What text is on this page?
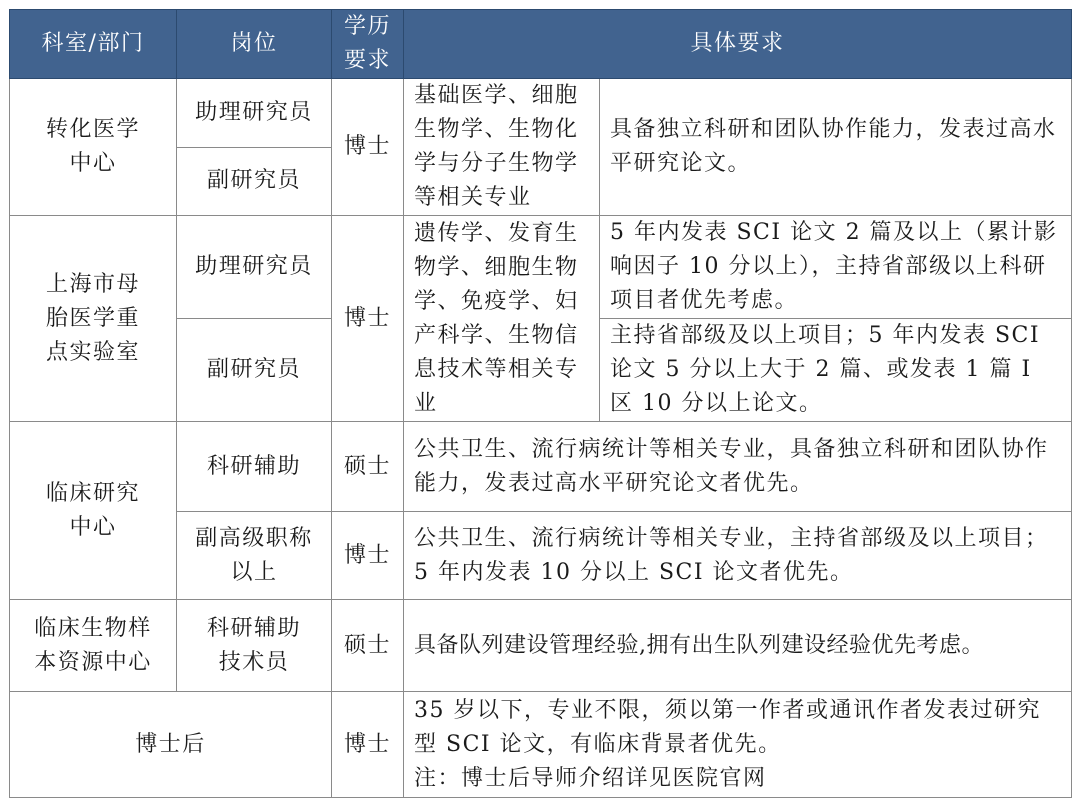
科室/部门	岗位	学历要求	具体要求	
转化医学中心	助理研究员	博士	基础医学、细胞生物学、生物化学与分子生物学等相关专业	具备独立科研和团队协作能力，发表过高水平研究论文。
	副研究员			
上海市母胎医学重点实验室	助理研究员	博士	遗传学、发育生物学、细胞生物学、免疫学、妇产科学、生物信息技术等相关专业	5 年内发表 SCI 论文 2 篇及以上（累计影响因子 10 分以上），主持省部级以上科研项目者优先考虑。
	副研究员			主持省部级及以上项目；5 年内发表 SCI 论文 5 分以上大于 2 篇、或发表 1 篇 I 区 10 分以上论文。
临床研究中心	科研辅助	硕士	公共卫生、流行病统计等相关专业，具备独立科研和团队协作能力，发表过高水平研究论文者优先。	
	副高级职称以上	博士	公共卫生、流行病统计等相关专业，主持省部级及以上项目；5 年内发表 10 分以上 SCI 论文者优先。	
临床生物样本资源中心	科研辅助技术员	硕士	具备队列建设管理经验,拥有出生队列建设经验优先考虑。	
博士后		博士	35 岁以下，专业不限，须以第一作者或通讯作者发表过研究型 SCI 论文，有临床背景者优先。
注：博士后导师介绍详见医院官网	
